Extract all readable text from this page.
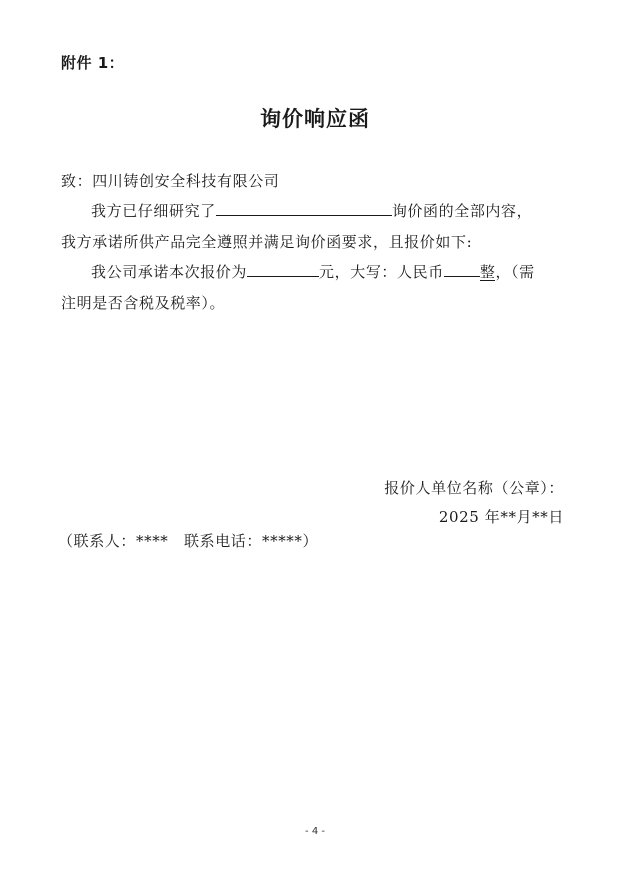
附件 1：
询价响应函
致：四川铸创安全科技有限公司
我方已仔细研究了	询价函的全部内容，
我方承诺所供产品完全遵照并满足询价函要求，且报价如下:
我公司承诺本次报价为	元，大写：人民币 整，（需
注明是否含税及税率）。
报价人单位名称（公章）：
2025 年**月**日
（联系人：****　联系电话：*****）
- 4 -
